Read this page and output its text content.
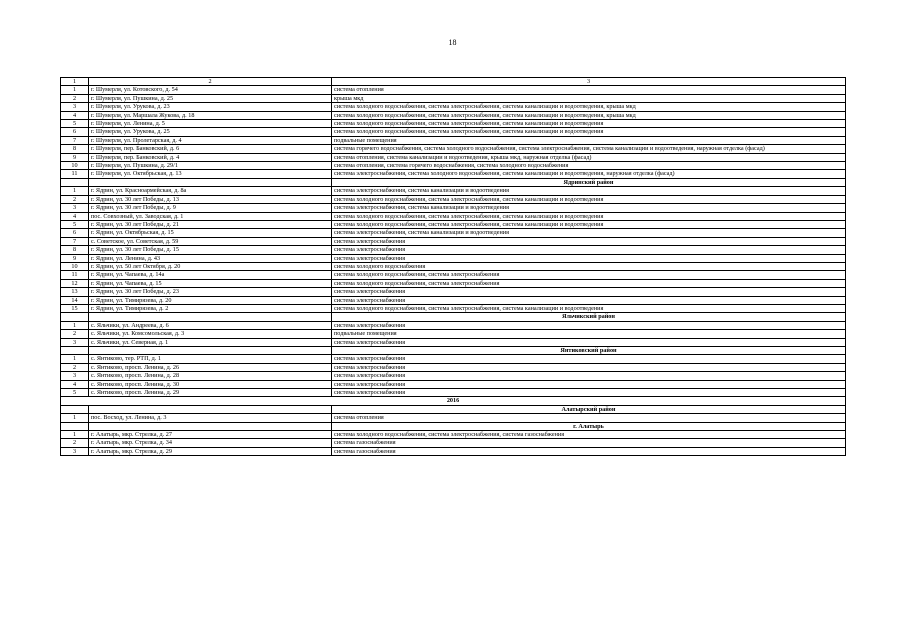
18
1	2	3
1	г. Шумерля, ул. Котовского, д. 54	система отопления
2	г. Шумерля, ул. Пушкина, д. 25	крыша мкд
3	г. Шумерля, ул. Урукова, д. 23	система холодного водоснабжения, система электроснабжения, система канализации и водоотведения, крыша мкд
4	г. Шумерля, ул. Маршала Жукова, д. 18	система холодного водоснабжения, система электроснабжения, система канализации и водоотведения, крыша мкд
5	г. Шумерля, ул. Ленина, д. 5	система холодного водоснабжения, система электроснабжения, система канализации и водоотведения
6	г. Шумерля, ул. Урукова, д. 25	система холодного водоснабжения, система электроснабжения, система канализации и водоотведения
7	г. Шумерля, ул. Пролетарская, д. 4	подвальные помещения
8	г. Шумерля, пер. Банковский, д. 6	система горячего водоснабжения, система холодного водоснабжения, система электроснабжения, система канализации и водоотведения, наружная отделка (фасад)
9	г. Шумерля, пер. Банковский, д. 4	система отопления, система канализации и водоотведения, крыша мкд, наружная отделка (фасад)
10	г. Шумерля, ул. Пушкина, д. 29/1	система отопления, система горячего водоснабжения, система холодного водоснабжения
11	г. Шумерля, ул. Октябрьская, д. 13	система электроснабжения, система холодного водоснабжения, система канализации и водоотведения, наружная отделка (фасад)
		Ядринский район
1	г. Ядрин, ул. Красноармейская, д. 8а	система электроснабжения, система канализации и водоотведения
2	г. Ядрин, ул. 30 лет Победы, д. 13	система холодного водоснабжения, система электроснабжения, система канализации и водоотведения
3	г. Ядрин, ул. 30 лет Победы, д. 9	система электроснабжения, система канализации и водоотведения
4	пос. Совхозный, ул. Заводская, д. 1	система холодного водоснабжения, система электроснабжения, система канализации и водоотведения
5	г. Ядрин, ул. 30 лет Победы, д. 21	система холодного водоснабжения, система электроснабжения, система канализации и водоотведения
6	г. Ядрин, ул. Октябрьская, д. 15	система электроснабжения, система канализации и водоотведения
7	с. Советское, ул. Советская, д. 59	система электроснабжения
8	г. Ядрин, ул. 30 лет Победы, д. 15	система электроснабжения
9	г. Ядрин, ул. Ленина, д. 43	система электроснабжения
10	г. Ядрин, ул. 50 лет Октября, д. 20	система холодного водоснабжения
11	г. Ядрин, ул. Чапаева, д. 14а	система холодного водоснабжения, система электроснабжения
12	г. Ядрин, ул. Чапаева, д. 15	система холодного водоснабжения, система электроснабжения
13	г. Ядрин, ул. 30 лет Победы, д. 23	система электроснабжения
14	г. Ядрин, ул. Тимирязева, д. 20	система электроснабжения
15	г. Ядрин, ул. Тимирязева, д. 2	система холодного водоснабжения, система электроснабжения, система канализации и водоотведения
		Яльчикский район
1	с. Яльчики, ул. Андреева, д. 6	система электроснабжения
2	с. Яльчики, ул. Комсомольская, д. 3	подвальные помещения
3	с. Яльчики, ул. Северная, д. 1	система электроснабжения
		Янтиковский район
1	с. Янтиково, тер. РТП, д. 1	система электроснабжения
2	с. Янтиково, просп. Ленина, д. 26	система электроснабжения
3	с. Янтиково, просп. Ленина, д. 28	система электроснабжения
4	с. Янтиково, просп. Ленина, д. 30	система электроснабжения
5	с. Янтиково, просп. Ленина, д. 29	система электроснабжения
2016		
		Алатырский район
1	пос. Восход, ул. Ленина, д. 3	система отопления
		г. Алатырь
1	г. Алатырь, мкр. Стрелка, д. 27	система холодного водоснабжения, система электроснабжения, система газоснабжения
2	г. Алатырь, мкр. Стрелка, д. 34	система газоснабжения
3	г. Алатырь, мкр. Стрелка, д. 29	система газоснабжения
